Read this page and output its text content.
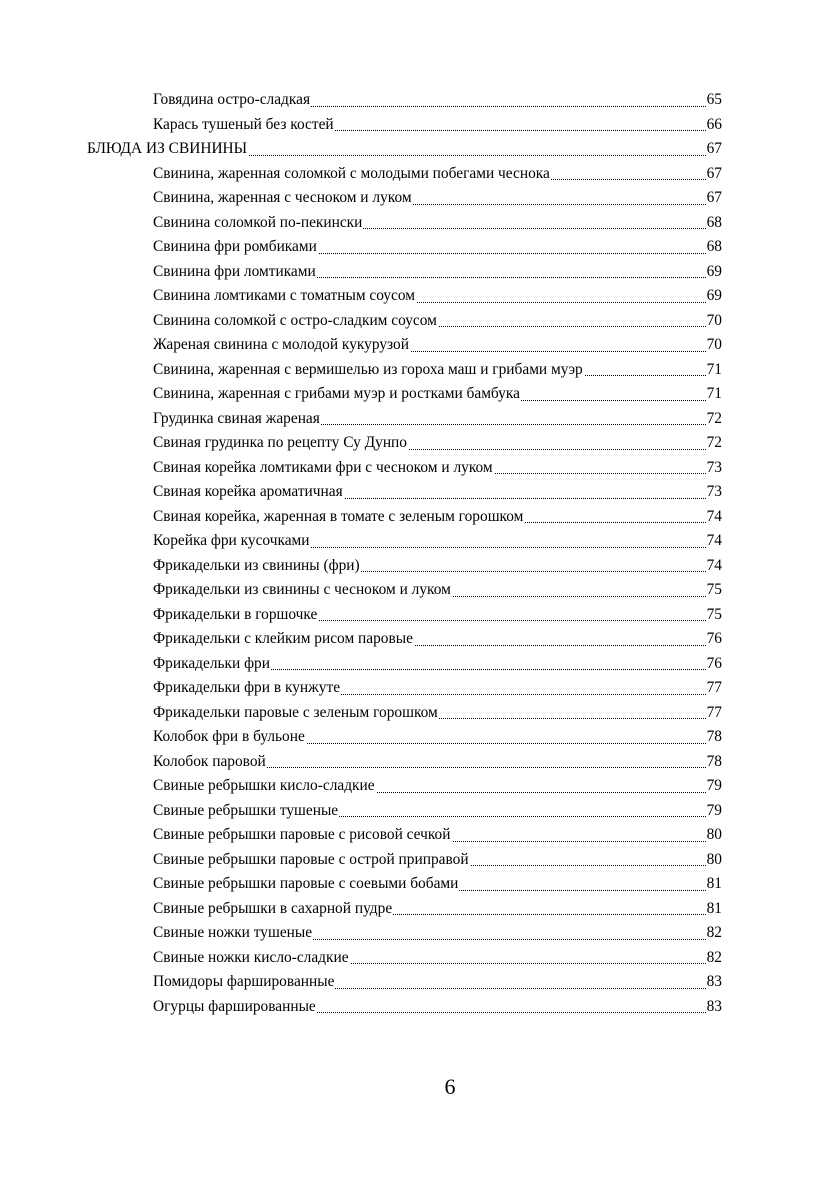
Говядина остро-сладкая	65
Карась тушеный без костей	66
БЛЮДА ИЗ СВИНИНЫ	67
Свинина, жаренная соломкой с молодыми побегами чеснока	67
Свинина, жаренная с чесноком и луком	67
Свинина соломкой по-пекински	68
Свинина фри ромбиками	68
Свинина фри ломтиками	69
Свинина ломтиками с томатным соусом	69
Свинина соломкой с остро-сладким соусом	70
Жареная свинина с молодой кукурузой	70
Свинина, жаренная с вермишелью из гороха маш и грибами муэр	71
Свинина, жаренная с грибами муэр и ростками бамбука	71
Грудинка свиная жареная	72
Свиная грудинка по рецепту Су Дунпо	72
Свиная корейка ломтиками фри с чесноком и луком	73
Свиная корейка ароматичная	73
Свиная корейка, жаренная в томате с зеленым горошком	74
Корейка фри кусочками	74
Фрикадельки из свинины (фри)	74
Фрикадельки из свинины с чесноком и луком	75
Фрикадельки в горшочке	75
Фрикадельки с клейким рисом паровые	76
Фрикадельки фри	76
Фрикадельки фри в кунжуте	77
Фрикадельки паровые с зеленым горошком	77
Колобок фри в бульоне	78
Колобок паровой	78
Свиные ребрышки кисло-сладкие	79
Свиные ребрышки тушеные	79
Свиные ребрышки паровые с рисовой сечкой	80
Свиные ребрышки паровые с острой приправой	80
Свиные ребрышки паровые с соевыми бобами	81
Свиные ребрышки в сахарной пудре	81
Свиные ножки тушеные	82
Свиные ножки кисло-сладкие	82
Помидоры фаршированные	83
Огурцы фаршированные	83
6
